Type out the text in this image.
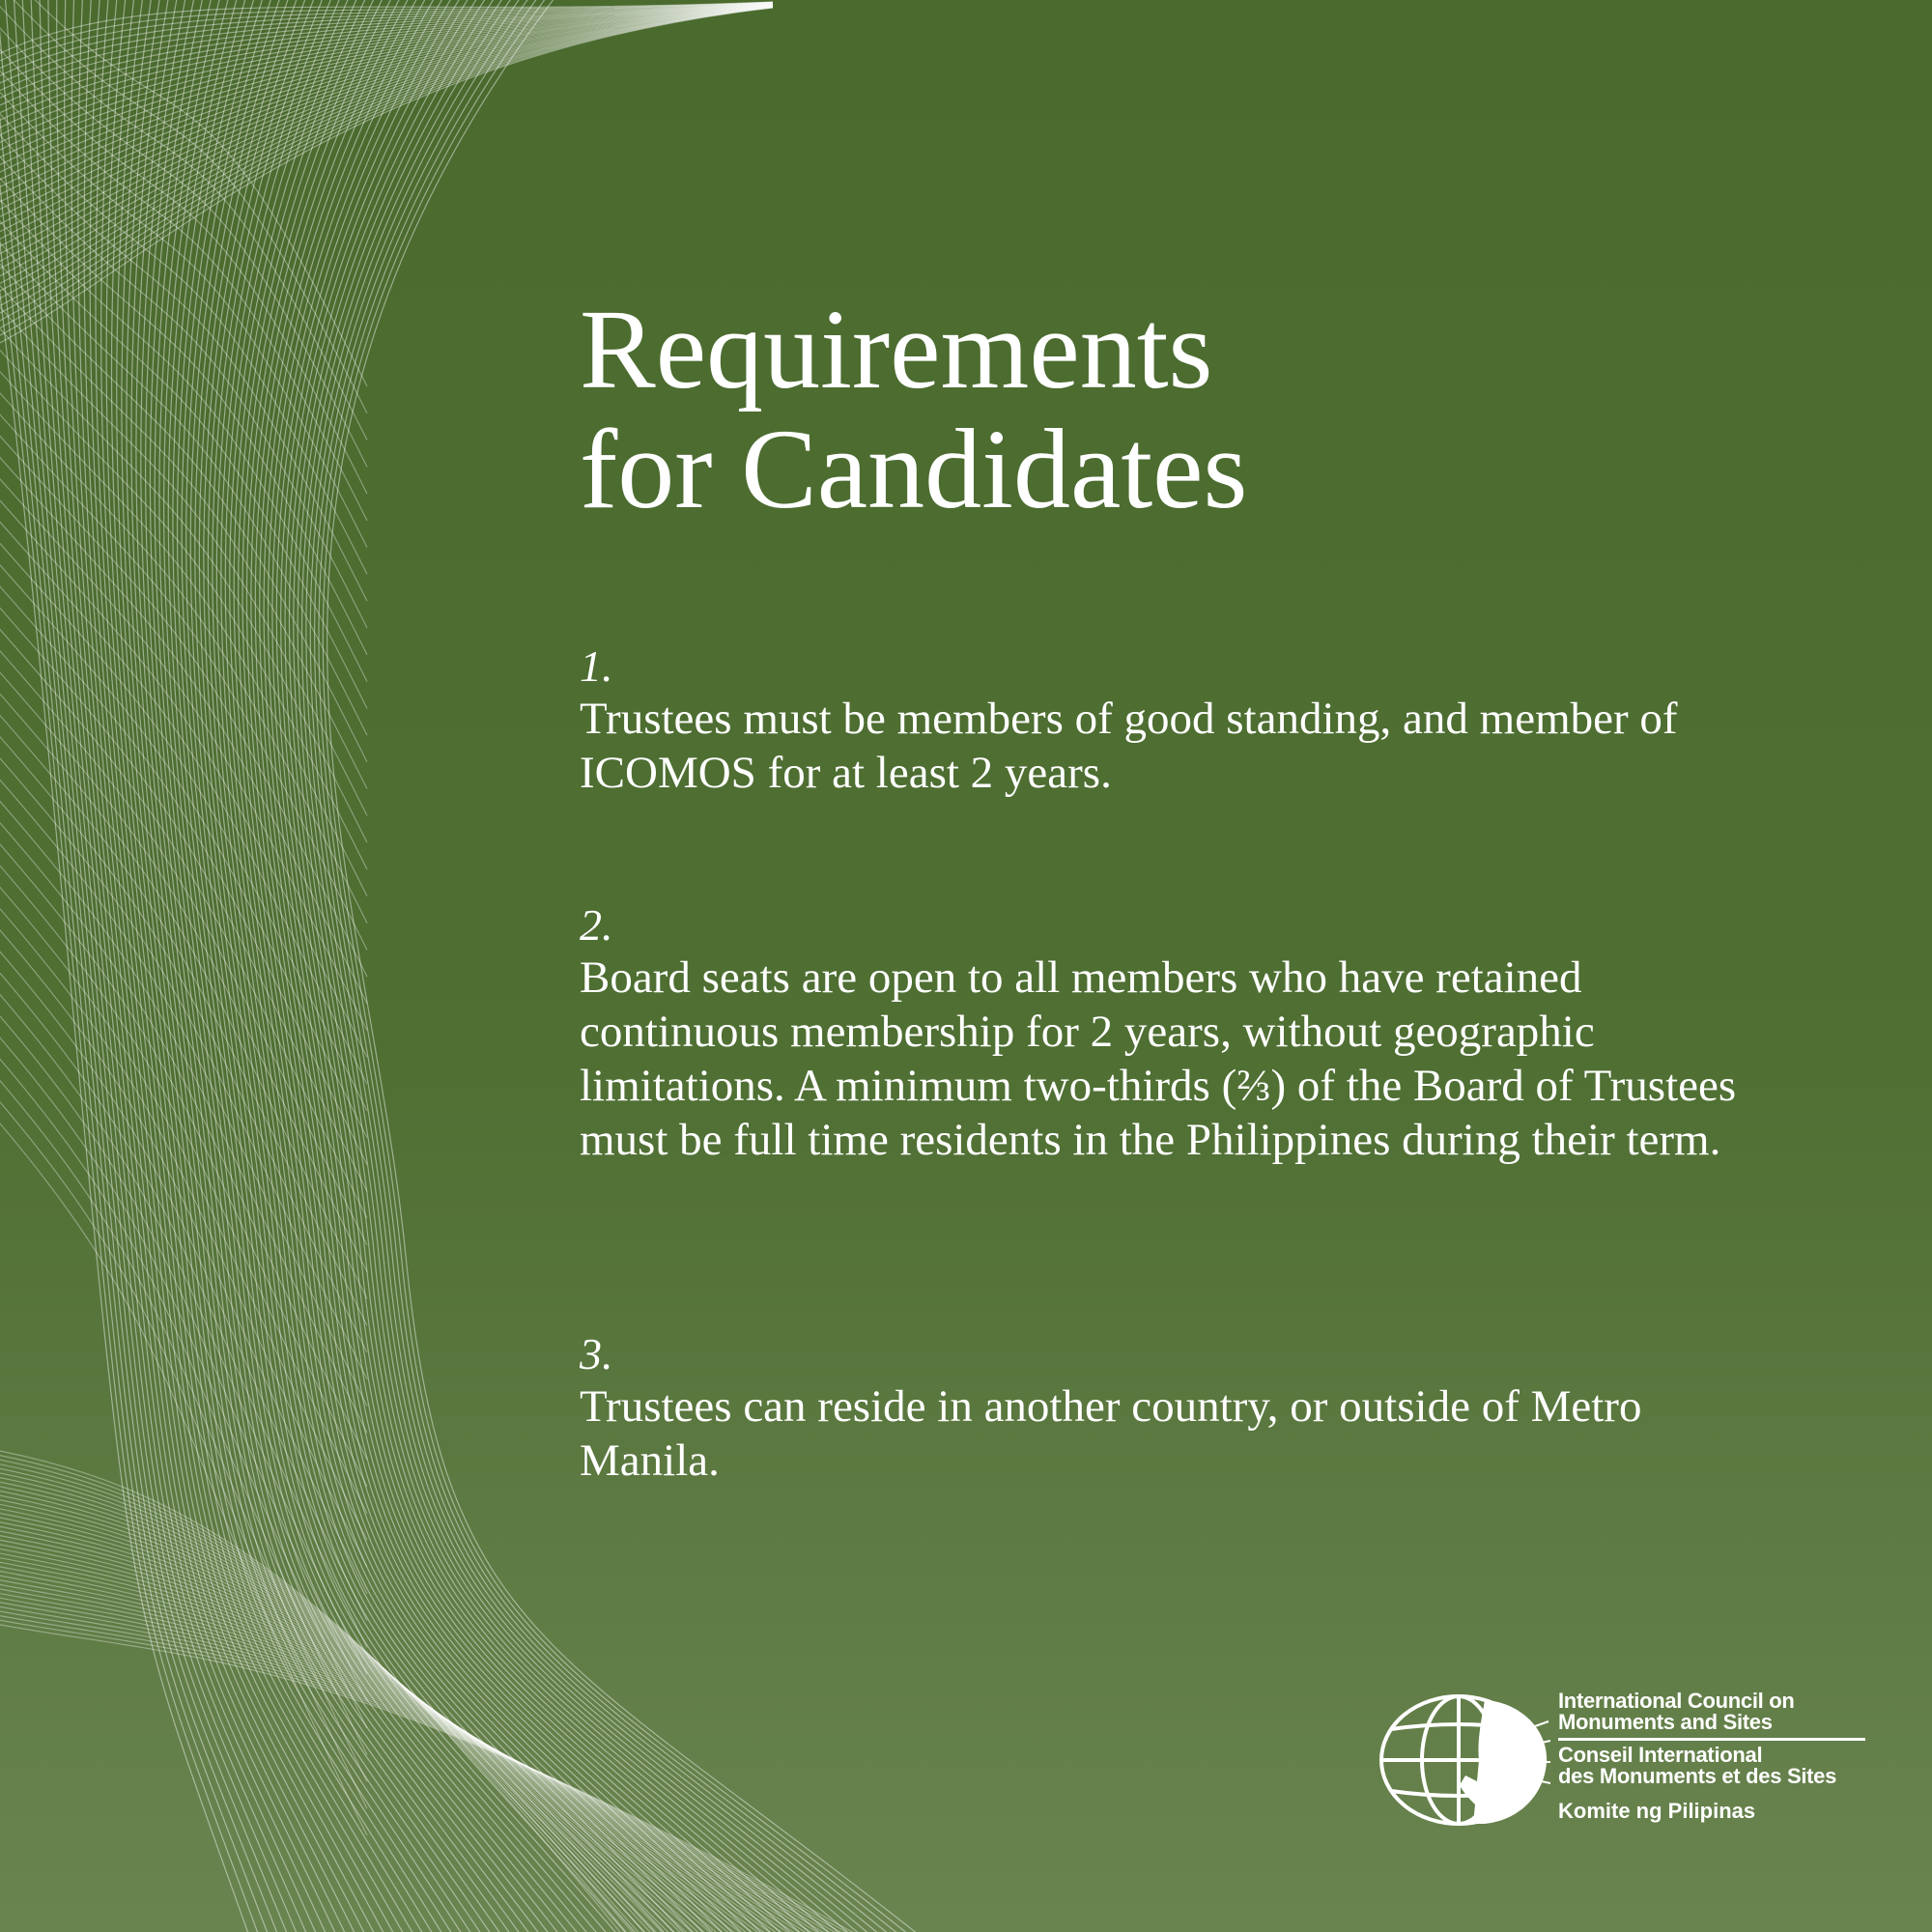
Requirements
for Candidates
1.
Trustees must be members of good standing, and member of ICOMOS for at least 2 years.
2.
Board seats are open to all members who have retained continuous membership for 2 years, without geographic limitations. A minimum two-thirds (⅔) of the Board of Trustees must be full time residents in the Philippines during their term.
3.
Trustees can reside in another country, or outside of Metro Manila.
International Council on
Monuments and Sites
Conseil International
des Monuments et des Sites
Komite ng Pilipinas
